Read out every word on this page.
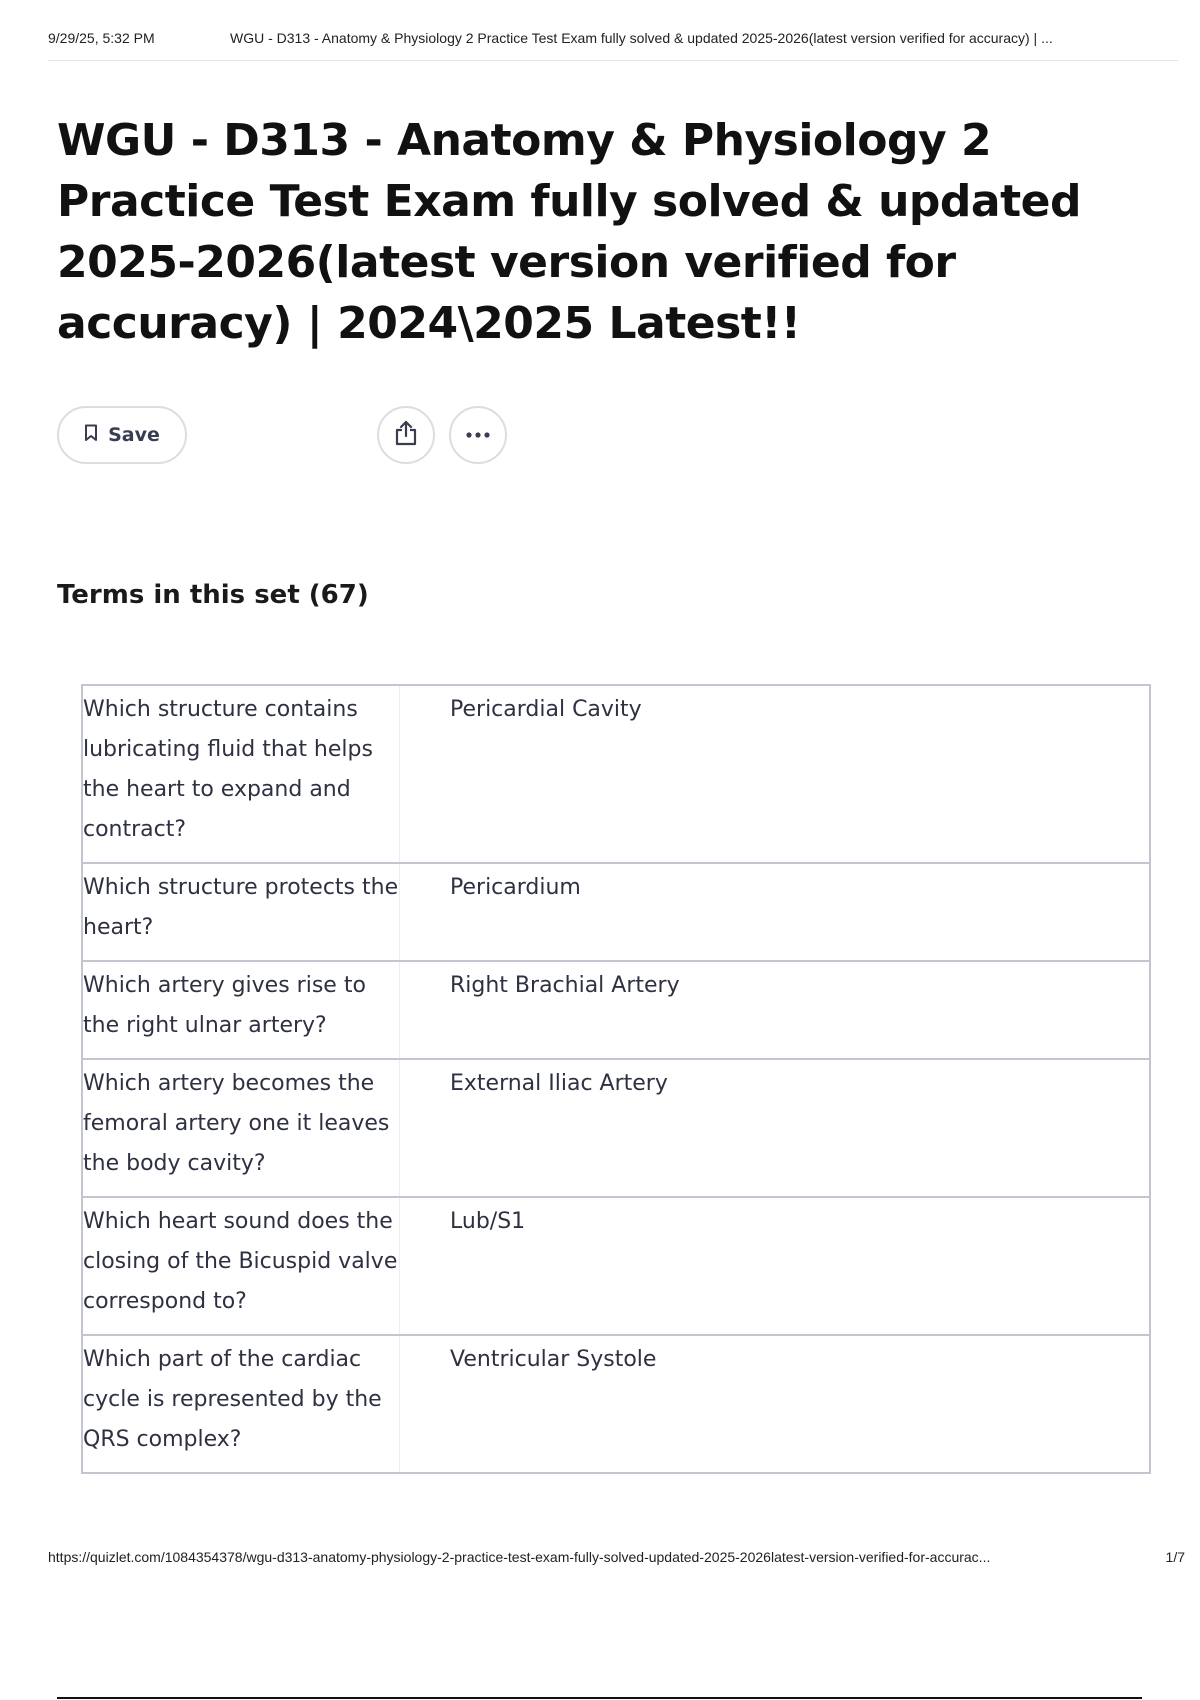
9/29/25, 5:32 PM	WGU - D313 - Anatomy & Physiology 2 Practice Test Exam fully solved & updated 2025-2026(latest version verified for accuracy) | ...
WGU - D313 - Anatomy & Physiology 2 Practice Test Exam fully solved & updated 2025-2026(latest version verified for accuracy) | 2024\2025 Latest!!
Save
Terms in this set (67)
Which structure contains lubricating fluid that helps the heart to expand and contract?
Pericardial Cavity
Which structure protects the heart?
Pericardium
Which artery gives rise to the right ulnar artery?
Right Brachial Artery
Which artery becomes the femoral artery one it leaves the body cavity?
External Iliac Artery
Which heart sound does the closing of the Bicuspid valve correspond to?
Lub/S1
Which part of the cardiac cycle is represented by the QRS complex?
Ventricular Systole
https://quizlet.com/1084354378/wgu-d313-anatomy-physiology-2-practice-test-exam-fully-solved-updated-2025-2026latest-version-verified-for-accurac...	1/7
